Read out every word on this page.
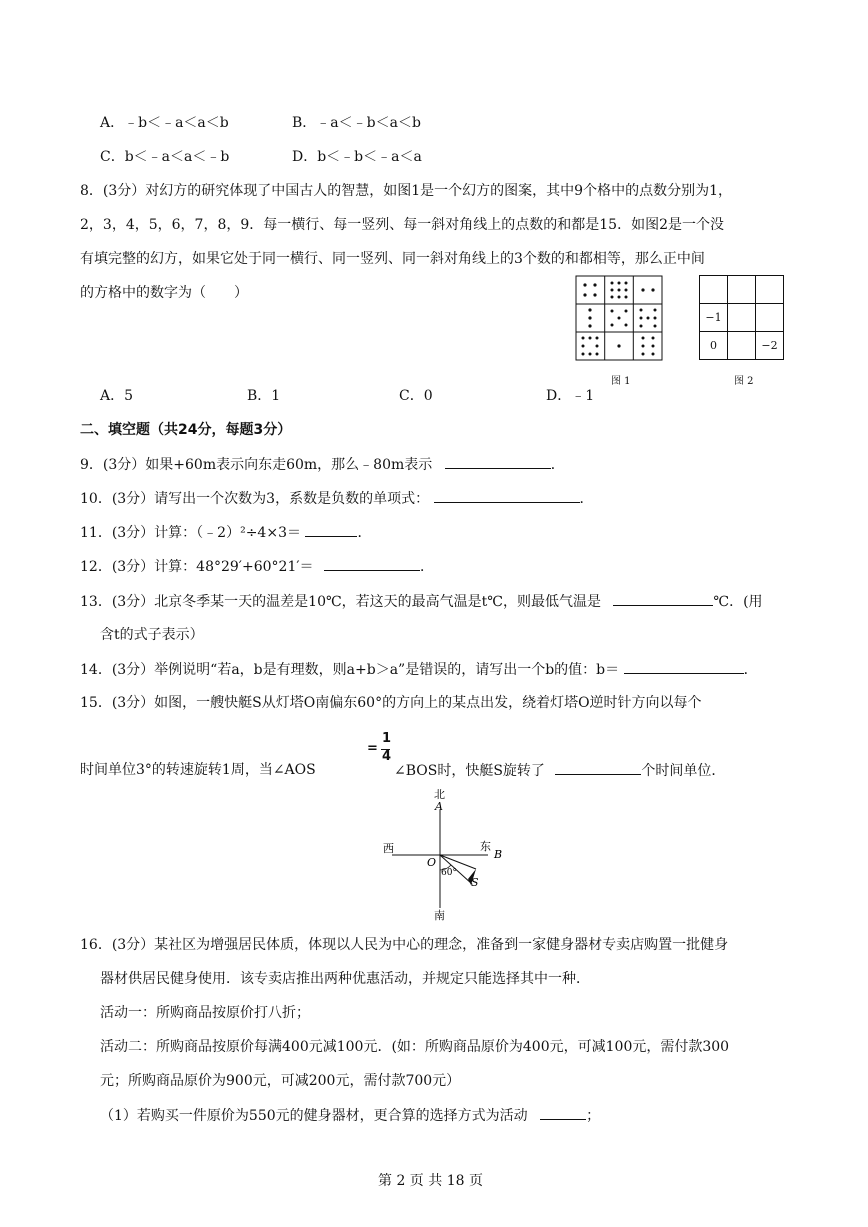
A．﹣b＜﹣a＜a＜b	B．﹣a＜﹣b＜a＜b
C．b＜﹣a＜a＜﹣b	D．b＜﹣b＜﹣a＜a
8．(3分）对幻方的研究体现了中国古人的智慧，如图1是一个幻方的图案，其中9个格中的点数分别为1，
2，3，4，5，6，7，8，9．每一横行、每一竖列、每一斜对角线上的点数的和都是15．如图2是一个没
有填完整的幻方，如果它处于同一横行、同一竖列、同一斜对角线上的3个数的和都相等，那么正中间
的方格中的数字为（　　）
图 1

−1		
0		−2
图 2
A．5	B．1	C．0	D．﹣1
二、填空题（共24分，每题3分）
9．(3分）如果+60m表示向东走60m，那么﹣80m表示	．
10．(3分）请写出一个次数为3，系数是负数的单项式：	．
11．(3分）计算：（﹣2）²÷4×3＝	．
12．(3分）计算：48°29′+60°21′＝	．
13．(3分）北京冬季某一天的温差是10℃，若这天的最高气温是t℃，则最低气温是	℃．(用
含t的式子表示）
14．(3分）举例说明“若a，b是有理数，则a+b＞a”是错误的，请写出一个b的值：b＝	．
15．(3分）如图，一艘快艇S从灯塔O南偏东60°的方向上的某点出发，绕着灯塔O逆时针方向以每个
=
1
4
时间单位3°的转速旋转1周，当∠AOS	∠BOS时，快艇S旋转了	个时间单位．
北
A
西	东
B
O
60°
S
南
16．(3分）某社区为增强居民体质，体现以人民为中心的理念，准备到一家健身器材专卖店购置一批健身
器材供居民健身使用．该专卖店推出两种优惠活动，并规定只能选择其中一种．
活动一：所购商品按原价打八折；
活动二：所购商品按原价每满400元减100元．(如：所购商品原价为400元，可减100元，需付款300
元；所购商品原价为900元，可减200元，需付款700元）
（1）若购买一件原价为550元的健身器材，更合算的选择方式为活动	；
第 2 页 共 18 页
